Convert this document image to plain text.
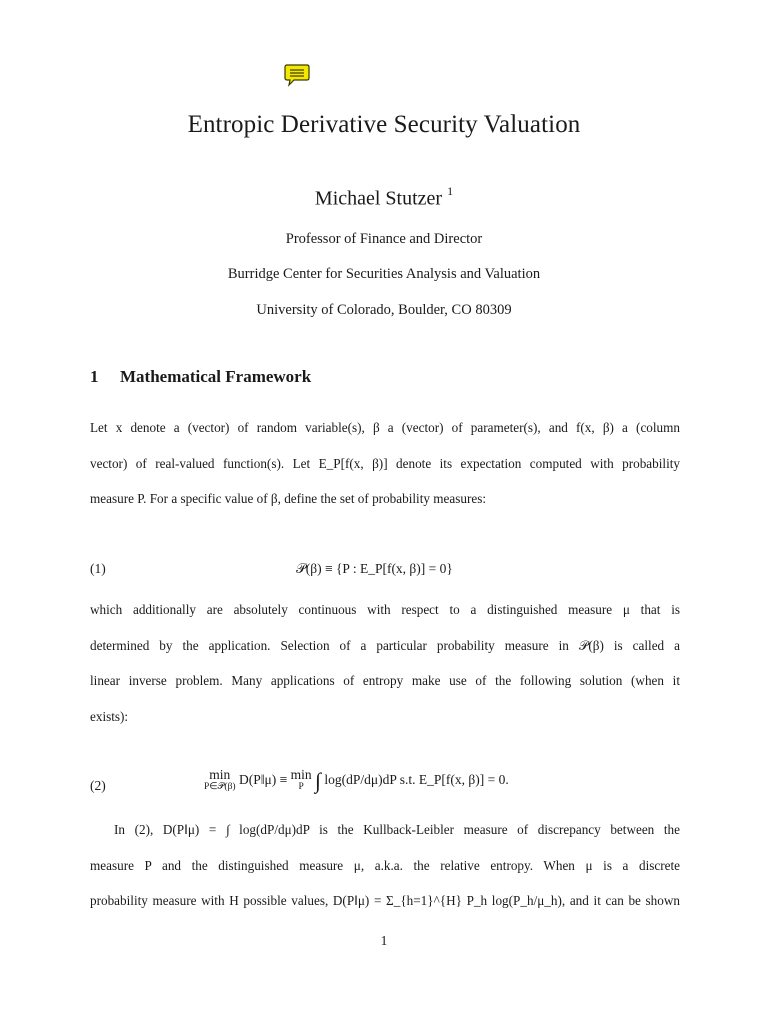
Entropic Derivative Security Valuation
Michael Stutzer $^1$
Professor of Finance and Director
Burridge Center for Securities Analysis and Valuation
University of Colorado, Boulder, CO 80309
1 Mathematical Framework
Let x denote a (vector) of random variable(s), β a (vector) of parameter(s), and f(x, β) a (column
vector) of real-valued function(s). Let E_P[f(x, β)] denote its expectation computed with probability
measure P. For a specific value of β, define the set of probability measures:
(1)	𝒫(β) ≡ {P : E_P[f(x, β)] = 0}
which additionally are absolutely continuous with respect to a distinguished measure μ that is
determined by the application. Selection of a particular probability measure in 𝒫(β) is called a
linear inverse problem. Many applications of entropy make use of the following solution (when it
exists):
(2)
min
P∈𝒫(β) D(P‖μ) ≡ min
P ∫ log(dP/dμ)dP s.t. E_P[f(x, β)] = 0.
In (2), D(P‖μ) = ∫ log(dP/dμ)dP is the Kullback-Leibler measure of discrepancy between the
measure P and the distinguished measure μ, a.k.a. the relative entropy. When μ is a discrete
probability measure with H possible values, D(P‖μ) = Σ_{h=1}^{H} P_h log(P_h/μ_h), and it can be shown
1
